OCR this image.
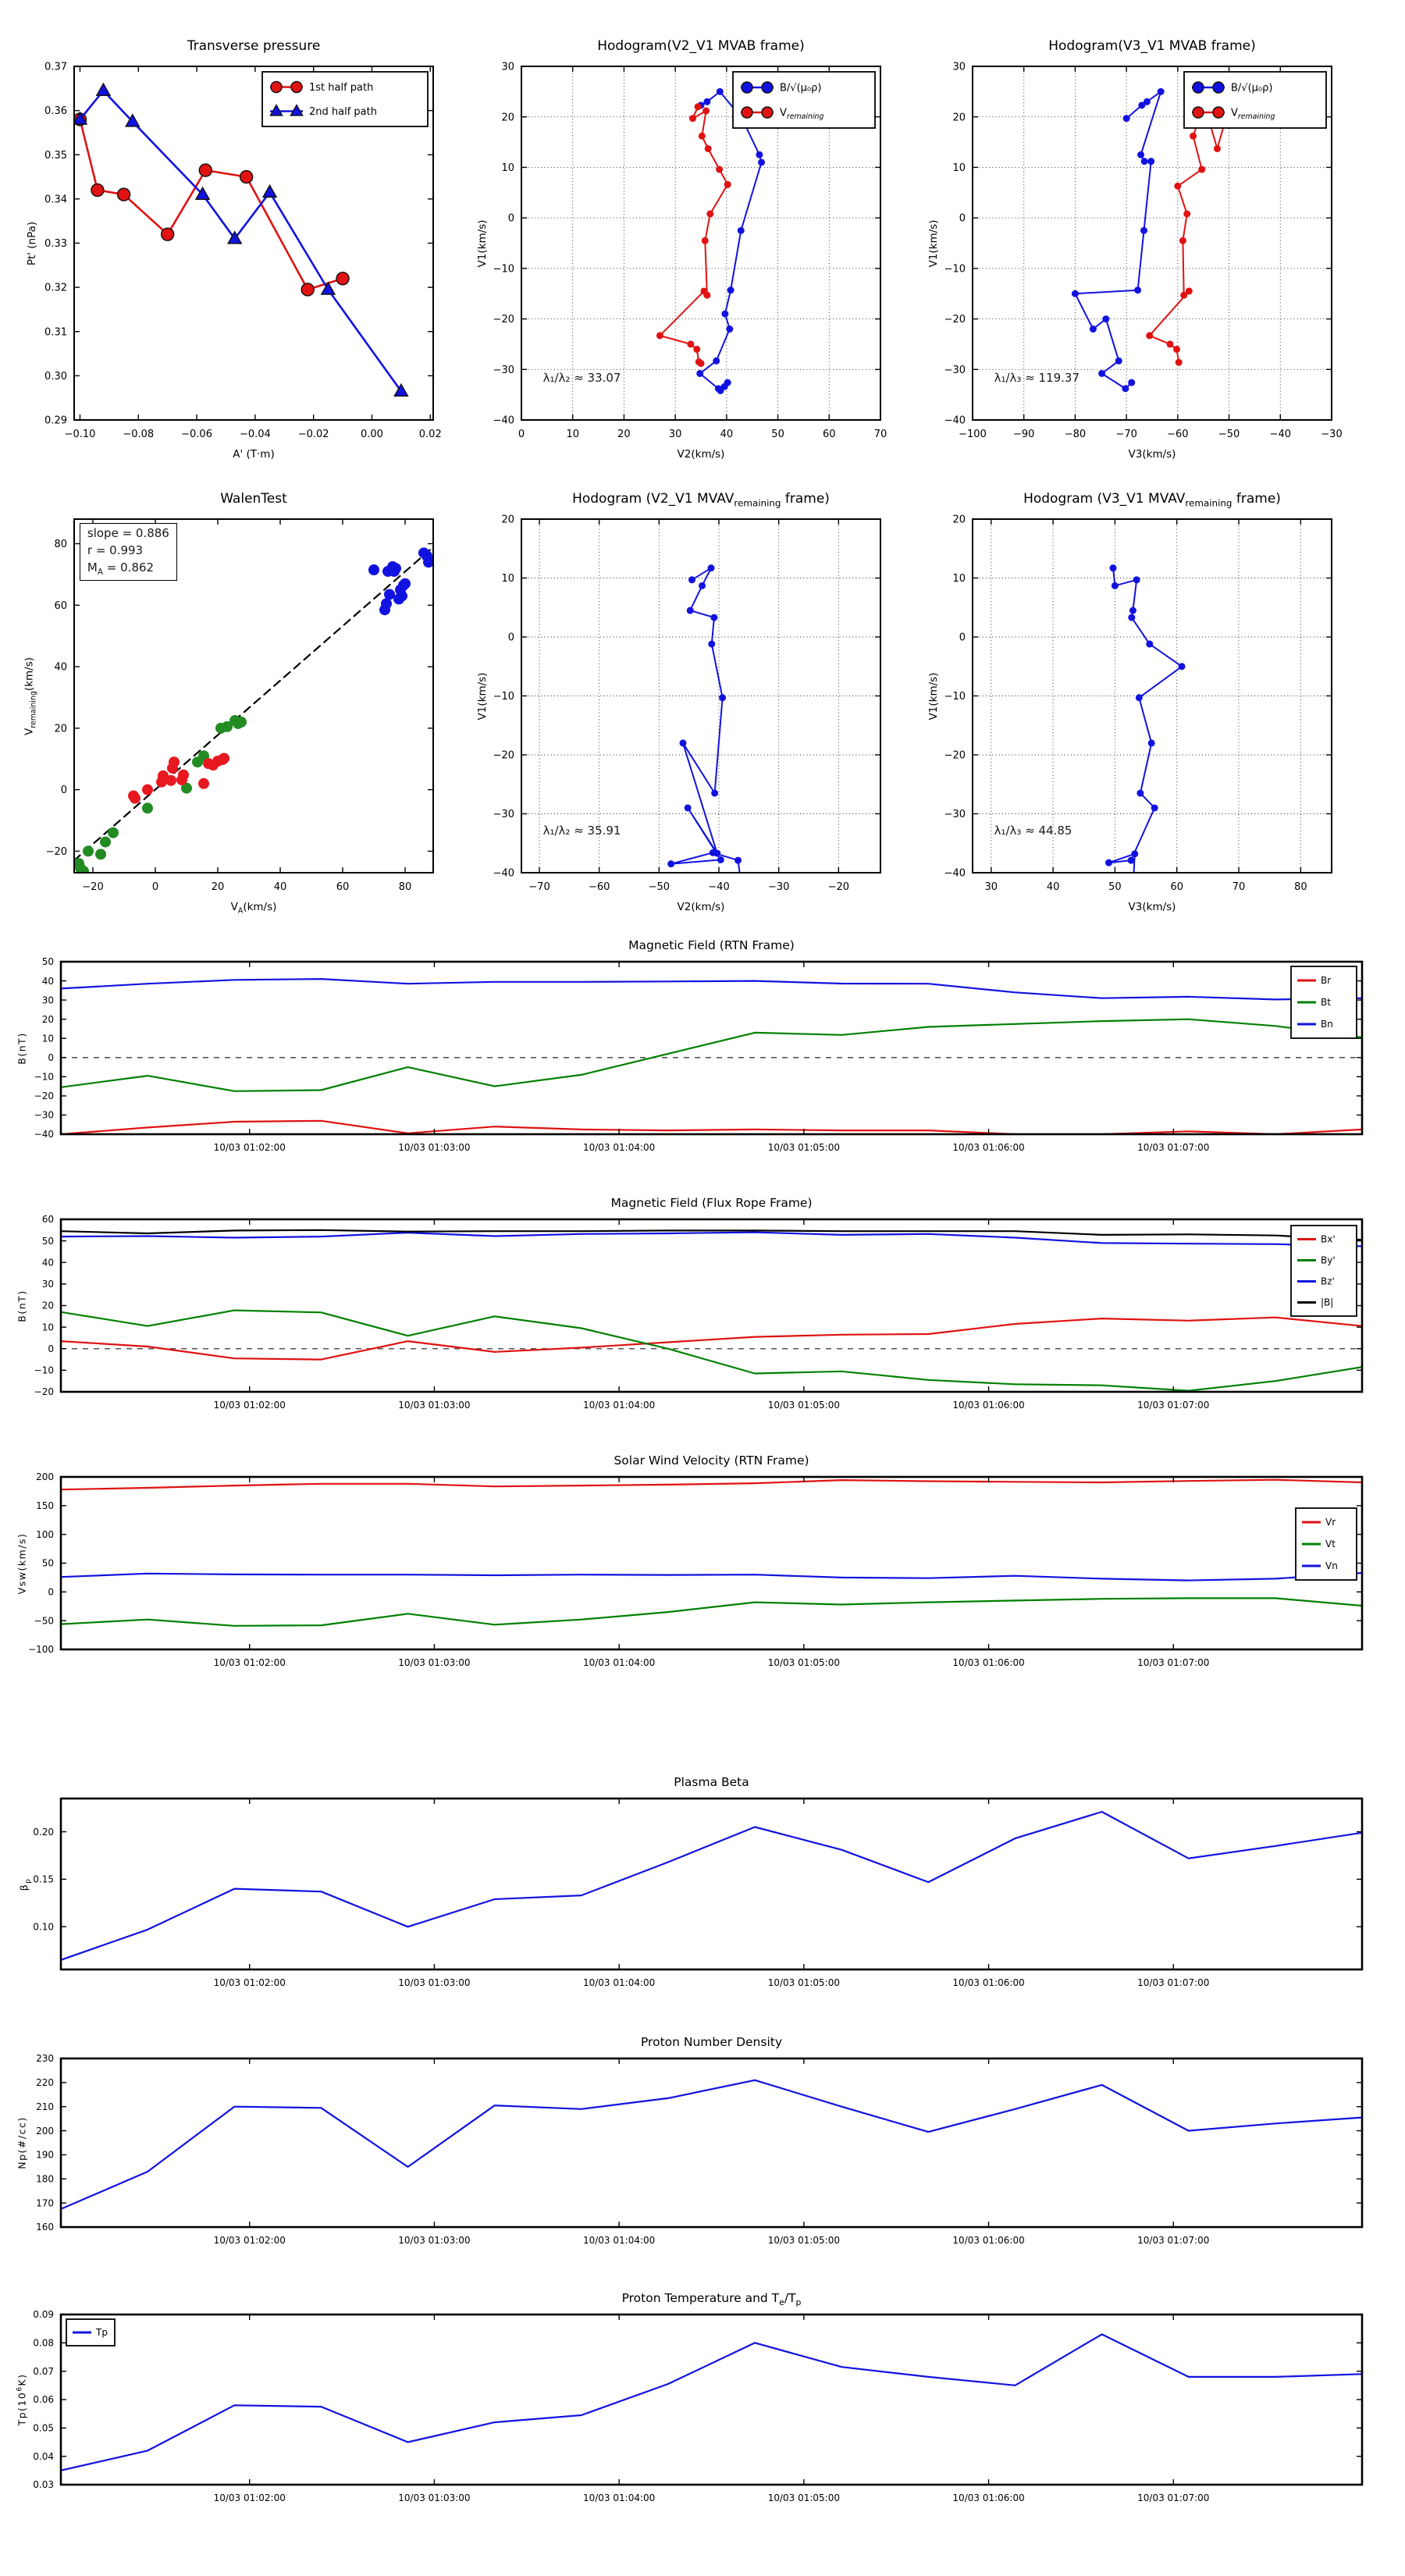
Transverse pressure
Pt' (nPa)
A' (T·m)
−0.10	−0.08	−0.06	−0.04	−0.02	0.00	0.02
0.29
0.30
0.31
0.32
0.33
0.34
0.35
0.36
0.37
1st half path
2nd half path
Hodogram(V2_V1 MVAB frame)
V1(km/s)
V2(km/s)
0	10	20	30	40	50	60	70
−40
−30
−20
−10
0
10
20
30
B/√(μ₀ρ)
$V_{remaining}$
Hodogram(V3_V1 MVAB frame)
V1(km/s)
V3(km/s)
−100	−90	−80	−70	−60	−50	−40	−30
−40
−30
−20
−10
0
10
20
30
B/√(μ₀ρ)
$V_{remaining}$
WalenTest
$V_{remaining}(km/s)$
$V_A(km/s)$
−20	0	20	40	60	80
−20
0
20
40
60
80
Hodogram (V2_V1 $MVAV_{remaining}$ frame)
V1(km/s)
V2(km/s)
−70	−60	−50	−40	−30	−20
−40
−30
−20
−10
0
10
20
Hodogram (V3_V1 $MVAV_{remaining}$ frame)
V1(km/s)
V3(km/s)
30	40	50	60	70	80
−40
−30
−20
−10
0
10
20
Magnetic Field (RTN Frame)
B(nT)
10/03 01:02:00	10/03 01:03:00	10/03 01:04:00	10/03 01:05:00	10/03 01:06:00	10/03 01:07:00
−40
−30
−20
−10
0
10
20
30
40
50
Br
Bt
Bn
Magnetic Field (Flux Rope Frame)
B(nT)
10/03 01:02:00	10/03 01:03:00	10/03 01:04:00	10/03 01:05:00	10/03 01:06:00	10/03 01:07:00
−20
−10
0
10
20
30
40
50
60
Bx'
By'
Bz'
|B|
Solar Wind Velocity (RTN Frame)
Vsw(km/s)
10/03 01:02:00	10/03 01:03:00	10/03 01:04:00	10/03 01:05:00	10/03 01:06:00	10/03 01:07:00
−100
−50
0
50
100
150
200
Vr
Vt
Vn
Plasma Beta
$\beta_p$
10/03 01:02:00	10/03 01:03:00	10/03 01:04:00	10/03 01:05:00	10/03 01:06:00	10/03 01:07:00
0.10
0.15
0.20
Proton Number Density
Np(#/cc)
10/03 01:02:00	10/03 01:03:00	10/03 01:04:00	10/03 01:05:00	10/03 01:06:00	10/03 01:07:00
160
170
180
190
200
210
220
230
Proton Temperature and $T_e/T_p$
$Tp(10^6K)$
10/03 01:02:00	10/03 01:03:00	10/03 01:04:00	10/03 01:05:00	10/03 01:06:00	10/03 01:07:00
0.03
0.04
0.05
0.06
0.07
0.08
0.09
Tp
λ₁/λ₂ ≈ 33.07	λ₁/λ₃ ≈ 119.37
slope = 0.886
r = 0.993
$M_A = 0.862$
λ₁/λ₂ ≈ 35.91	λ₁/λ₃ ≈ 44.85
